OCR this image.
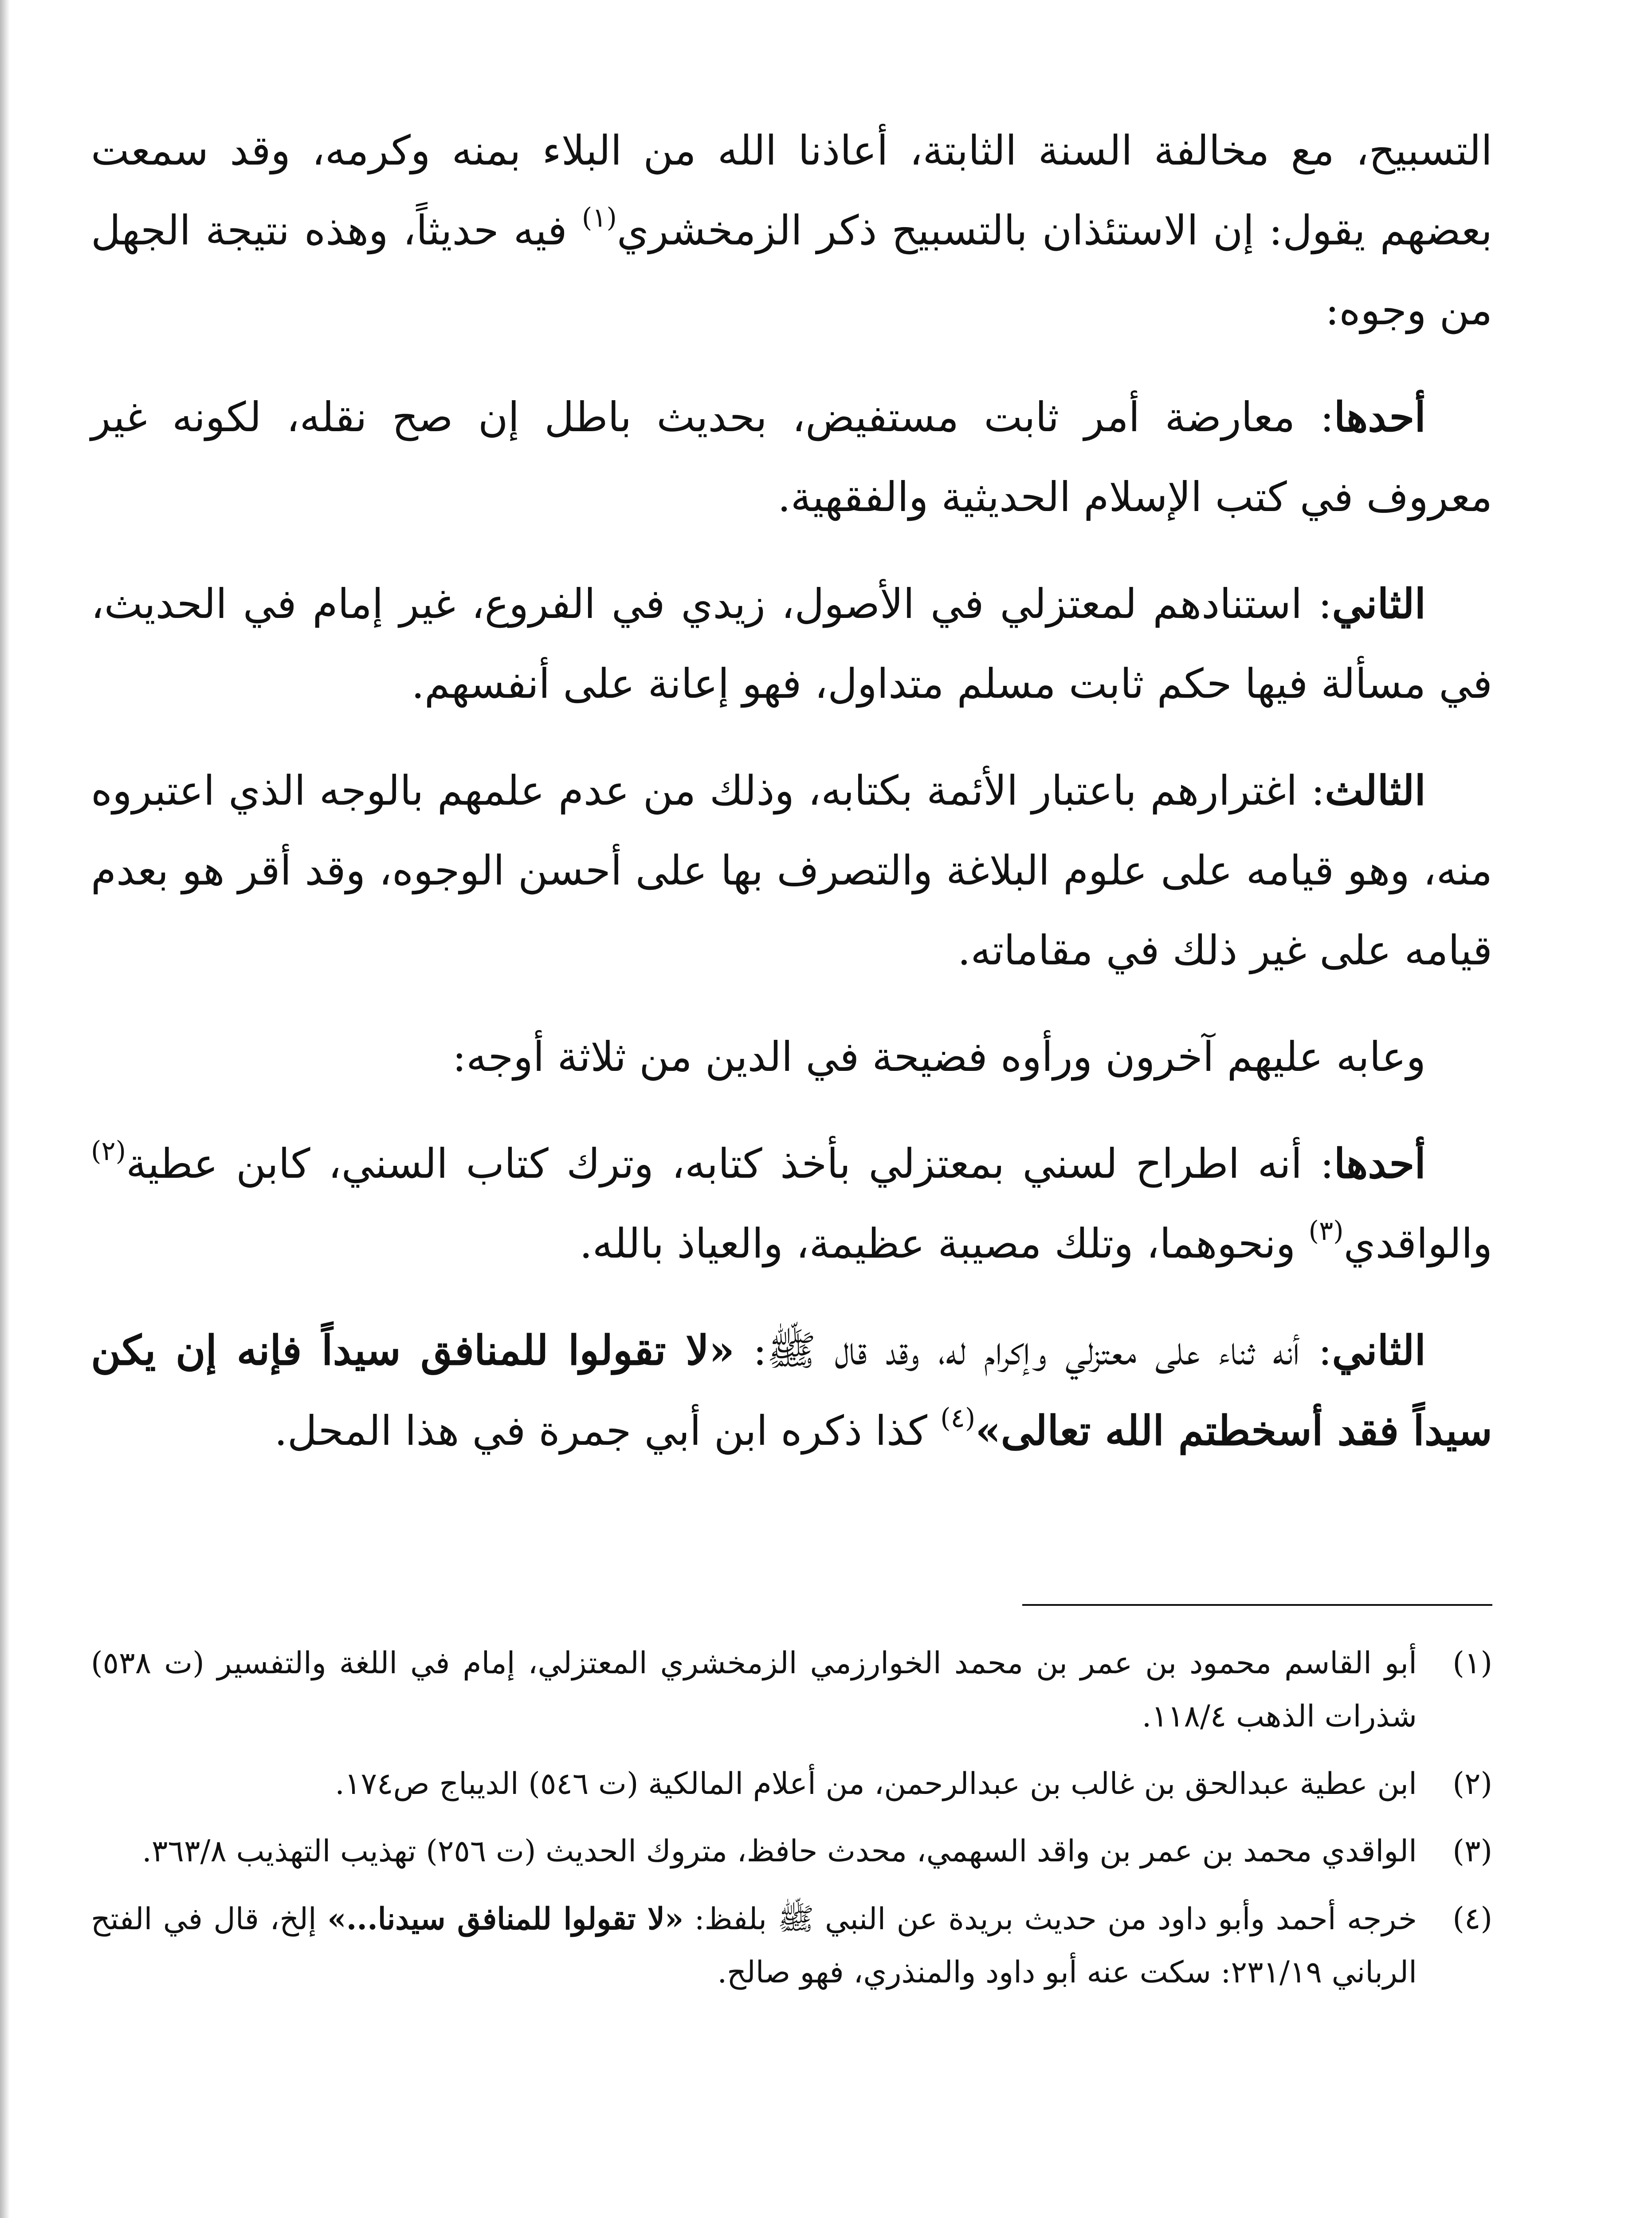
التسبيح، مع مخالفة السنة الثابتة، أعاذنا الله من البلاء بمنه وكرمه، وقد سمعت بعضهم يقول: إن الاستئذان بالتسبيح ذكر الزمخشري$^{(١)}$ فيه حديثاً، وهذه نتيجة الجهل من وجوه:

أحدها: معارضة أمر ثابت مستفيض، بحديث باطل إن صح نقله، لكونه غير معروف في كتب الإسلام الحديثية والفقهية.

الثاني: استنادهم لمعتزلي في الأصول، زيدي في الفروع، غير إمام في الحديث، في مسألة فيها حكم ثابت مسلم متداول، فهو إعانة على أنفسهم.

الثالث: اغترارهم باعتبار الأئمة بكتابه، وذلك من عدم علمهم بالوجه الذي اعتبروه منه، وهو قيامه على علوم البلاغة والتصرف بها على أحسن الوجوه، وقد أقر هو بعدم قيامه على غير ذلك في مقاماته.

وعابه عليهم آخرون ورأوه فضيحة في الدين من ثلاثة أوجه:

أحدها: أنه اطراح لسني بمعتزلي بأخذ كتابه، وترك كتاب السني، كابن عطية$^{(٢)}$ والواقدي$^{(٣)}$ ونحوهما، وتلك مصيبة عظيمة، والعياذ بالله.

الثاني: أنه ثناء على معتزلي وإكرام له، وقد قال ﷺ: «لا تقولوا للمنافق سيداً فإنه إن يكن سيداً فقد أسخطتم الله تعالى»$^{(٤)}$ كذا ذكره ابن أبي جمرة في هذا المحل.

(١)
أبو القاسم محمود بن عمر بن محمد الخوارزمي الزمخشري المعتزلي، إمام في اللغة والتفسير (ت ٥٣٨) شذرات الذهب ١١٨/٤.
(٢)
ابن عطية عبدالحق بن غالب بن عبدالرحمن، من أعلام المالكية (ت ٥٤٦) الديباج ص١٧٤.
(٣)
الواقدي محمد بن عمر بن واقد السهمي، محدث حافظ، متروك الحديث (ت ٢٥٦) تهذيب التهذيب ٣٦٣/٨.
(٤)
خرجه أحمد وأبو داود من حديث بريدة عن النبي ﷺ بلفظ: «لا تقولوا للمنافق سيدنا...» إلخ، قال في الفتح الرباني ٢٣١/١٩: سكت عنه أبو داود والمنذري، فهو صالح.
